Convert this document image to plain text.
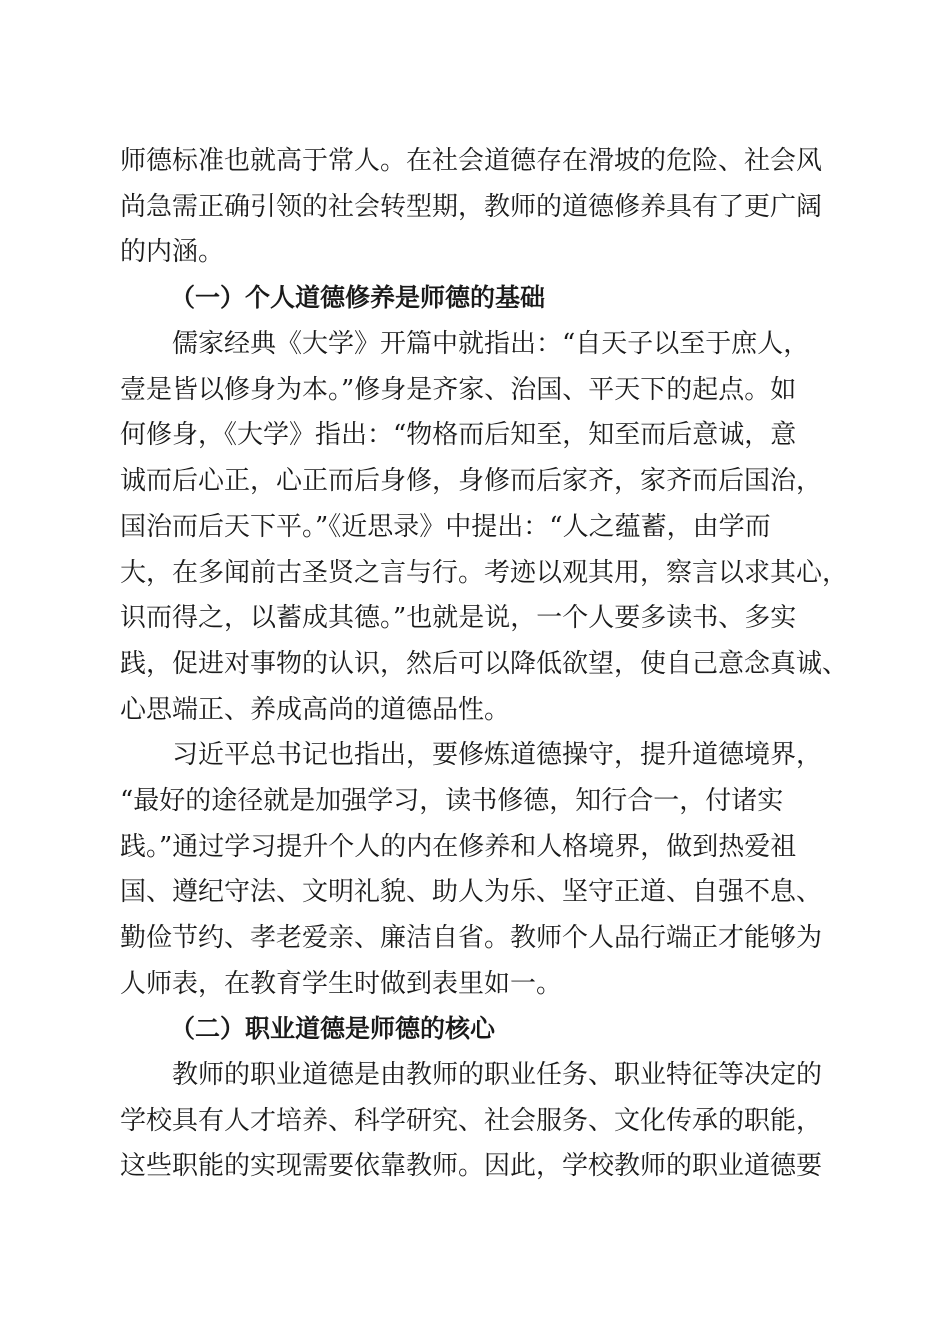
师德标准也就高于常人。在社会道德存在滑坡的危险、社会风
尚急需正确引领的社会转型期，教师的道德修养具有了更广阔
的内涵。
（一）个人道德修养是师德的基础
儒家经典《大学》开篇中就指出：“自天子以至于庶人，
壹是皆以修身为本。”修身是齐家、治国、平天下的起点。如
何修身，《大学》指出：“物格而后知至，知至而后意诚，意
诚而后心正，心正而后身修，身修而后家齐，家齐而后国治，
国治而后天下平。”《近思录》中提出：“人之蕴蓄，由学而
大，在多闻前古圣贤之言与行。考迹以观其用，察言以求其心，
识而得之，以蓄成其德。”也就是说，一个人要多读书、多实
践，促进对事物的认识，然后可以降低欲望，使自己意念真诚、
心思端正、养成高尚的道德品性。
习近平总书记也指出，要修炼道德操守，提升道德境界，
“最好的途径就是加强学习，读书修德，知行合一，付诸实
践。”通过学习提升个人的内在修养和人格境界，做到热爱祖
国、遵纪守法、文明礼貌、助人为乐、坚守正道、自强不息、
勤俭节约、孝老爱亲、廉洁自省。教师个人品行端正才能够为
人师表，在教育学生时做到表里如一。
（二）职业道德是师德的核心
教师的职业道德是由教师的职业任务、职业特征等决定的
学校具有人才培养、科学研究、社会服务、文化传承的职能，
这些职能的实现需要依靠教师。因此，学校教师的职业道德要
